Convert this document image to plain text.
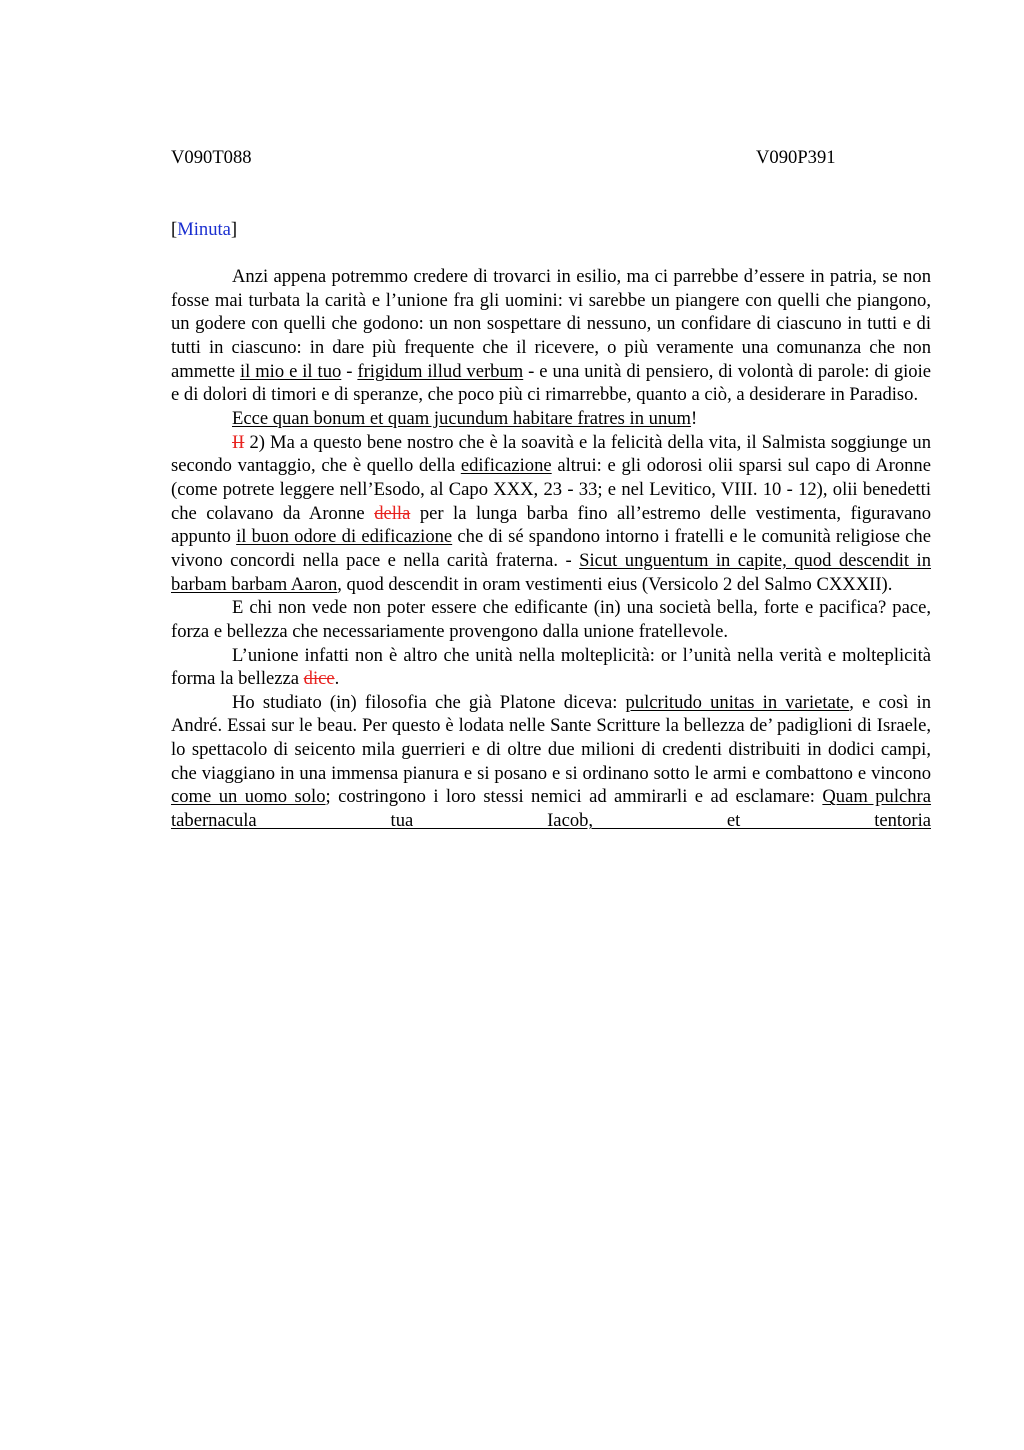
V090T088	V090P391
[Minuta]

Anzi appena potremmo credere di trovarci in esilio, ma ci parrebbe d’essere in patria, se non fosse mai turbata la carità e l’unione fra gli uomini: vi sarebbe un piangere con quelli che piangono, un godere con quelli che godono: un non sospettare di nessuno, un confidare di ciascuno in tutti e di tutti in ciascuno: in dare più frequente che il ricevere, o più veramente una comunanza che non ammette il mio e il tuo - frigidum illud verbum - e una unità di pensiero, di volontà di parole: di gioie e di dolori di timori e di speranze, che poco più ci rimarrebbe, quanto a ciò, a desiderare in Paradiso.

Ecce quan bonum et quam jucundum habitare fratres in unum!

II 2) Ma a questo bene nostro che è la soavità e la felicità della vita, il Salmista soggiunge un secondo vantaggio, che è quello della edificazione altrui: e gli odorosi olii sparsi sul capo di Aronne (come potrete leggere nell’Esodo, al Capo XXX, 23 - 33; e nel Levitico, VIII. 10 - 12), olii benedetti che colavano da Aronne della per la lunga barba fino all’estremo delle vestimenta, figuravano appunto il buon odore di edificazione che di sé spandono intorno i fratelli e le comunità religiose che vivono concordi nella pace e nella carità fraterna. - Sicut unguentum in capite, quod descendit in barbam barbam Aaron, quod descendit in oram vestimenti eius (Versicolo 2 del Salmo CXXXII).

E chi non vede non poter essere che edificante (in) una società bella, forte e pacifica? pace, forza e bellezza che necessariamente provengono dalla unione fratellevole.

L’unione infatti non è altro che unità nella molteplicità: or l’unità nella verità e molteplicità forma la bellezza dice.

Ho studiato (in) filosofia che già Platone diceva: pulcritudo unitas in varietate, e così in André. Essai sur le beau. Per questo è lodata nelle Sante Scritture la bellezza de’ padiglioni di Israele, lo spettacolo di seicento mila guerrieri e di oltre due milioni di credenti distribuiti in dodici campi, che viaggiano in una immensa pianura e si posano e si ordinano sotto le armi e combattono e vincono come un uomo solo; costringono i loro stessi nemici ad ammirarli e ad esclamare: Quam pulchra tabernacula tua Iacob, et tentoria
